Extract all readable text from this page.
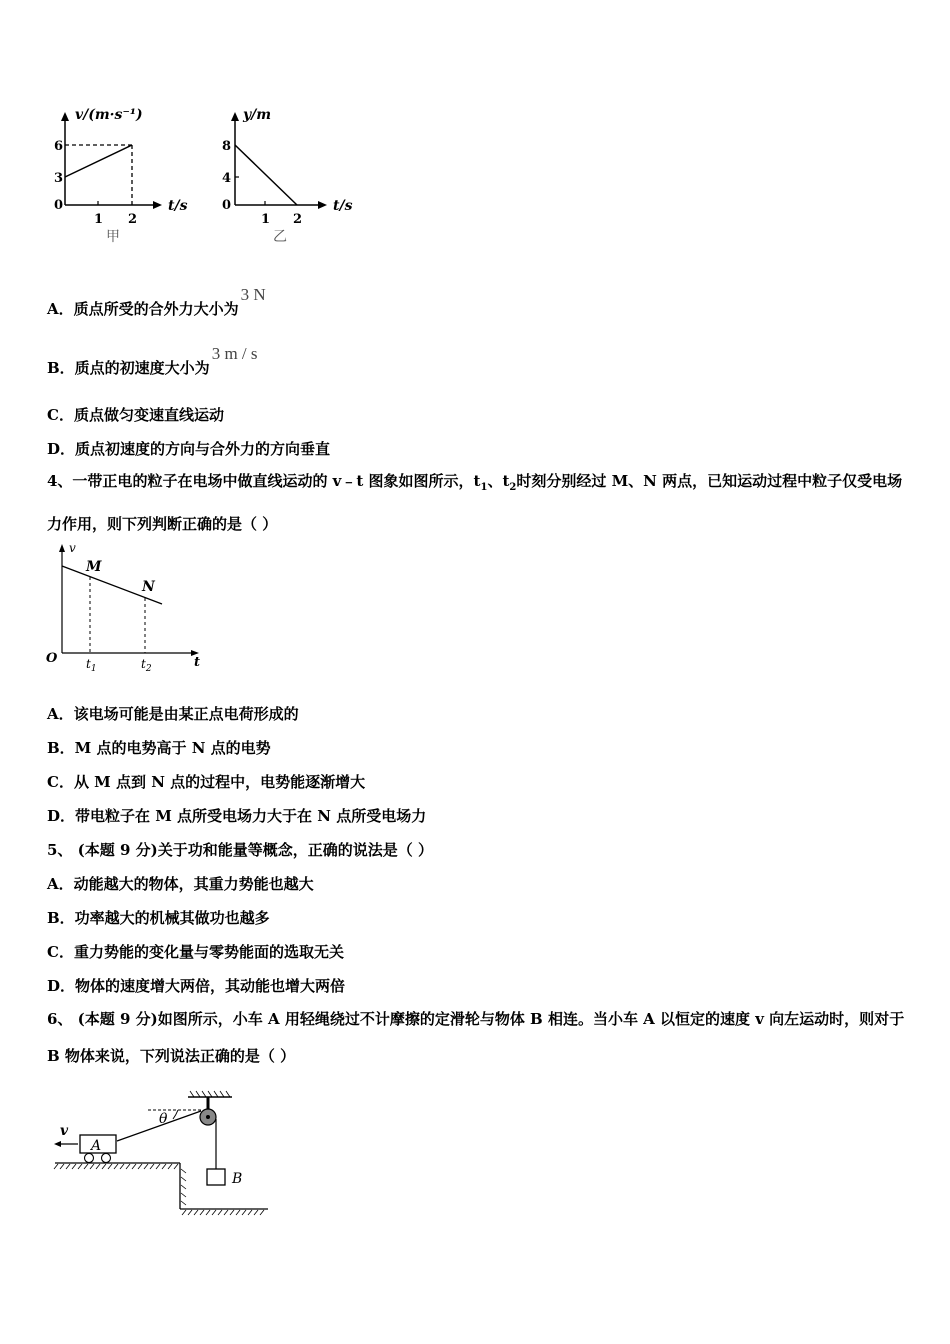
v/(m·s⁻¹)
6
3
0
1 2
t/s
甲
y/m
8
4
0
1 2
t/s
乙
A．质点所受的合外力大小为3 N
B．质点的初速度大小为3 m / s
C．质点做匀变速直线运动
D．质点初速度的方向与合外力的方向垂直
4、一带正电的粒子在电场中做直线运动的 v﹣t 图象如图所示，$t_1$、$t_2$时刻分别经过 M、N 两点，已知运动过程中粒子仅受电场力作用，则下列判断正确的是（ ）
v
M
N
O	t
$t_1$	$t_2$
A．该电场可能是由某正点电荷形成的
B．M 点的电势高于 N 点的电势
C．从 M 点到 N 点的过程中，电势能逐渐增大
D．带电粒子在 M 点所受电场力大于在 N 点所受电场力
5、 (本题 9 分)关于功和能量等概念，正确的说法是（ ）
A．动能越大的物体，其重力势能也越大
B．功率越大的机械其做功也越多
C．重力势能的变化量与零势能面的选取无关
D．物体的速度增大两倍，其动能也增大两倍
6、 (本题 9 分)如图所示，小车 A 用轻绳绕过不计摩擦的定滑轮与物体 B 相连。当小车 A 以恒定的速度 v 向左运动时，则对于 B 物体来说，下列说法正确的是（ ）
θ
A
v
B
